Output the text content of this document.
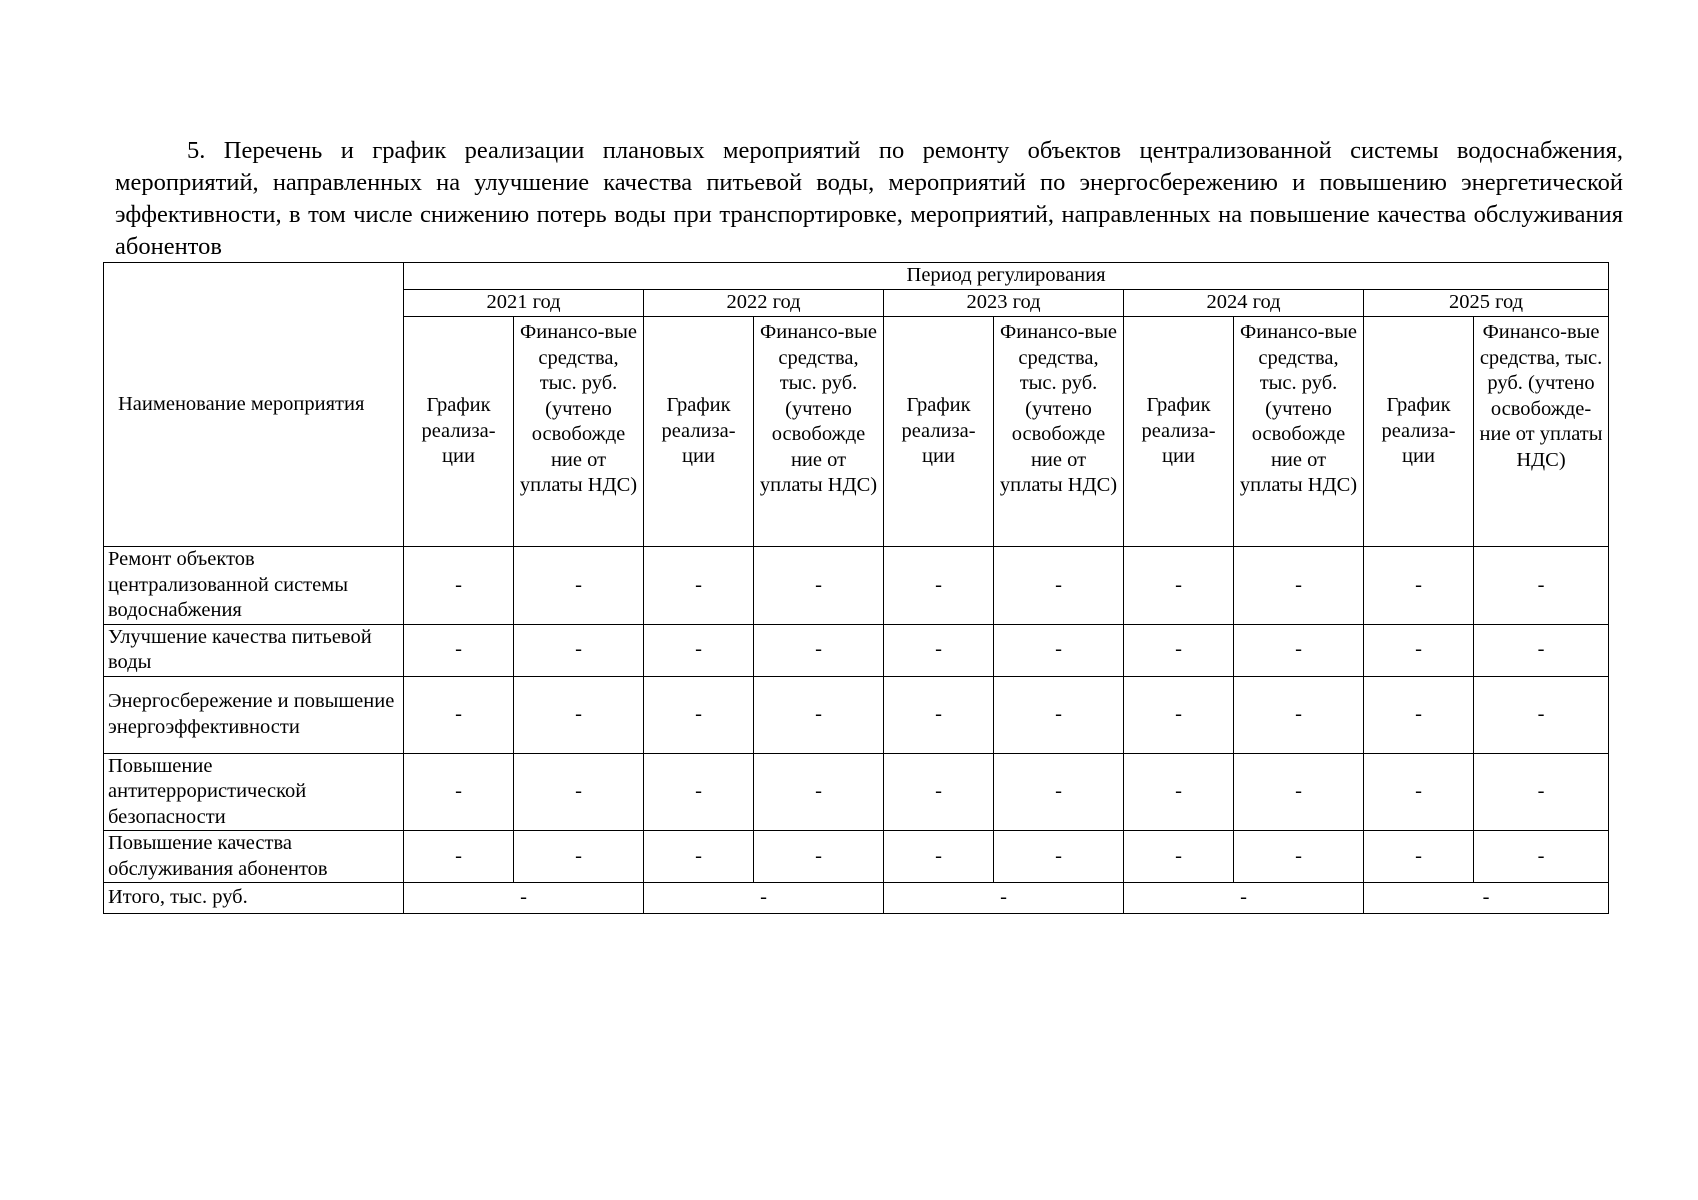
5. Перечень и график реализации плановых мероприятий по ремонту объектов централизованной системы водоснабжения, мероприятий, направленных на улучшение качества питьевой воды, мероприятий по энергосбережению и повышению энергетической эффективности, в том числе снижению потерь воды при транспортировке, мероприятий, направленных на повышение качества обслуживания абонентов

Наименование мероприятия	Период регулирования									
	2021 год		2022 год		2023 год		2024 год		2025 год	
	График реализа-ции	Финансо-вые средства, тыс. руб. (учтено освобожде ние от уплаты НДС)	График реализа-ции	Финансо-вые средства, тыс. руб. (учтено освобожде ние от уплаты НДС)	График реализа-ции	Финансо-вые средства, тыс. руб. (учтено освобожде ние от уплаты НДС)	График реализа-ции	Финансо-вые средства, тыс. руб. (учтено освобожде ние от уплаты НДС)	График реализа-ции	Финансо-вые средства, тыс. руб. (учтено освобожде-ние от уплаты НДС)
Ремонт объектов централизованной системы водоснабжения	-	-	-	-	-	-	-	-	-	-
Улучшение качества питьевой воды	-	-	-	-	-	-	-	-	-	-
Энергосбережение и повышение энергоэффективности	-	-	-	-	-	-	-	-	-	-
Повышение антитеррористической безопасности	-	-	-	-	-	-	-	-	-	-
Повышение качества обслуживания абонентов	-	-	-	-	-	-	-	-	-	-
Итого, тыс. руб.	-		-		-		-		-	
